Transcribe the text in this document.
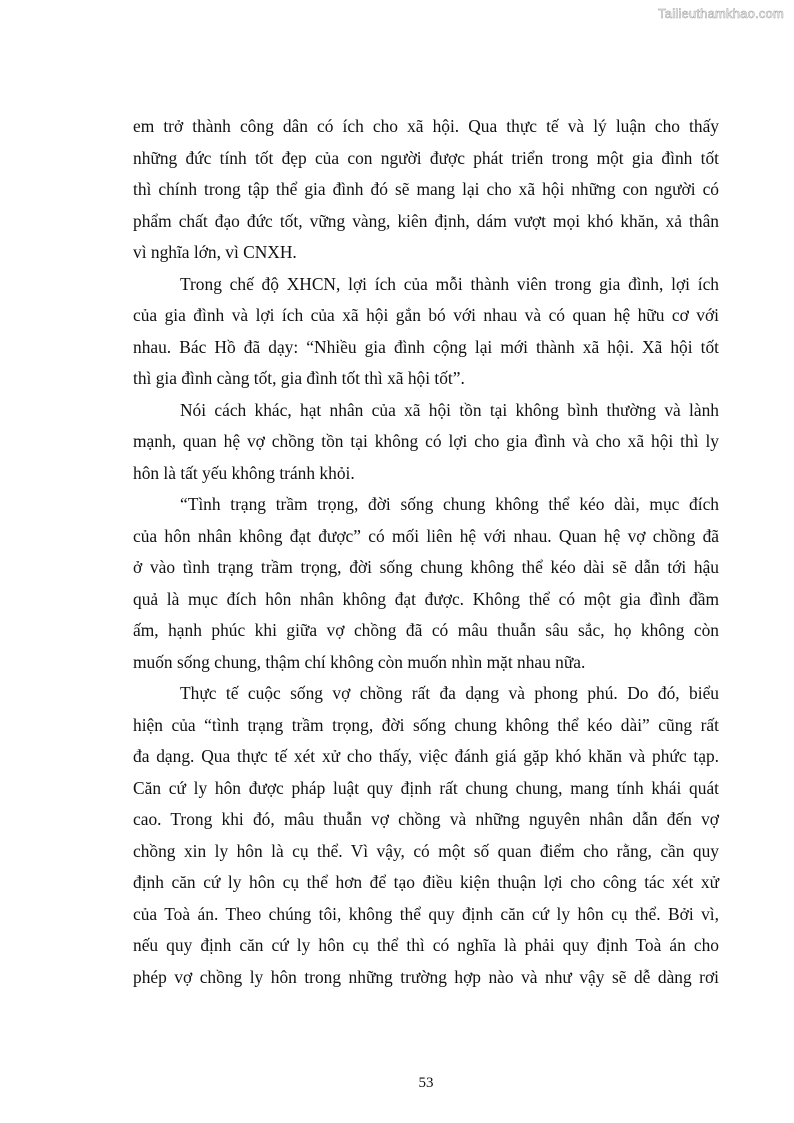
Tailieuthamkhao.com

em trở thành công dân có ích cho xã hội. Qua thực tế và lý luận cho thấy
những đức tính tốt đẹp của con người được phát triển trong một gia đình tốt
thì chính trong tập thể gia đình đó sẽ mang lại cho xã hội những con người có
phẩm chất đạo đức tốt, vững vàng, kiên định, dám vượt mọi khó khăn, xả thân
vì nghĩa lớn, vì CNXH.

Trong chế độ XHCN, lợi ích của mỗi thành viên trong gia đình, lợi ích
của gia đình và lợi ích của xã hội gắn bó với nhau và có quan hệ hữu cơ với
nhau. Bác Hồ đã dạy: “Nhiều gia đình cộng lại mới thành xã hội. Xã hội tốt
thì gia đình càng tốt, gia đình tốt thì xã hội tốt”.

Nói cách khác, hạt nhân của xã hội tồn tại không bình thường và lành
mạnh, quan hệ vợ chồng tồn tại không có lợi cho gia đình và cho xã hội thì ly
hôn là tất yếu không tránh khỏi.

“Tình trạng trầm trọng, đời sống chung không thể kéo dài, mục đích
của hôn nhân không đạt được” có mối liên hệ với nhau. Quan hệ vợ chồng đã
ở vào tình trạng trầm trọng, đời sống chung không thể kéo dài sẽ dẫn tới hậu
quả là mục đích hôn nhân không đạt được. Không thể có một gia đình đầm
ấm, hạnh phúc khi giữa vợ chồng đã có mâu thuẫn sâu sắc, họ không còn
muốn sống chung, thậm chí không còn muốn nhìn mặt nhau nữa.

Thực tế cuộc sống vợ chồng rất đa dạng và phong phú. Do đó, biểu
hiện của “tình trạng trầm trọng, đời sống chung không thể kéo dài” cũng rất
đa dạng. Qua thực tế xét xử cho thấy, việc đánh giá gặp khó khăn và phức tạp.
Căn cứ ly hôn được pháp luật quy định rất chung chung, mang tính khái quát
cao. Trong khi đó, mâu thuẫn vợ chồng và những nguyên nhân dẫn đến vợ
chồng xin ly hôn là cụ thể. Vì vậy, có một số quan điểm cho rằng, cần quy
định căn cứ ly hôn cụ thể hơn để tạo điều kiện thuận lợi cho công tác xét xử
của Toà án. Theo chúng tôi, không thể quy định căn cứ ly hôn cụ thể. Bởi vì,
nếu quy định căn cứ ly hôn cụ thể thì có nghĩa là phải quy định Toà án cho
phép vợ chồng ly hôn trong những trường hợp nào và như vậy sẽ dễ dàng rơi

53
